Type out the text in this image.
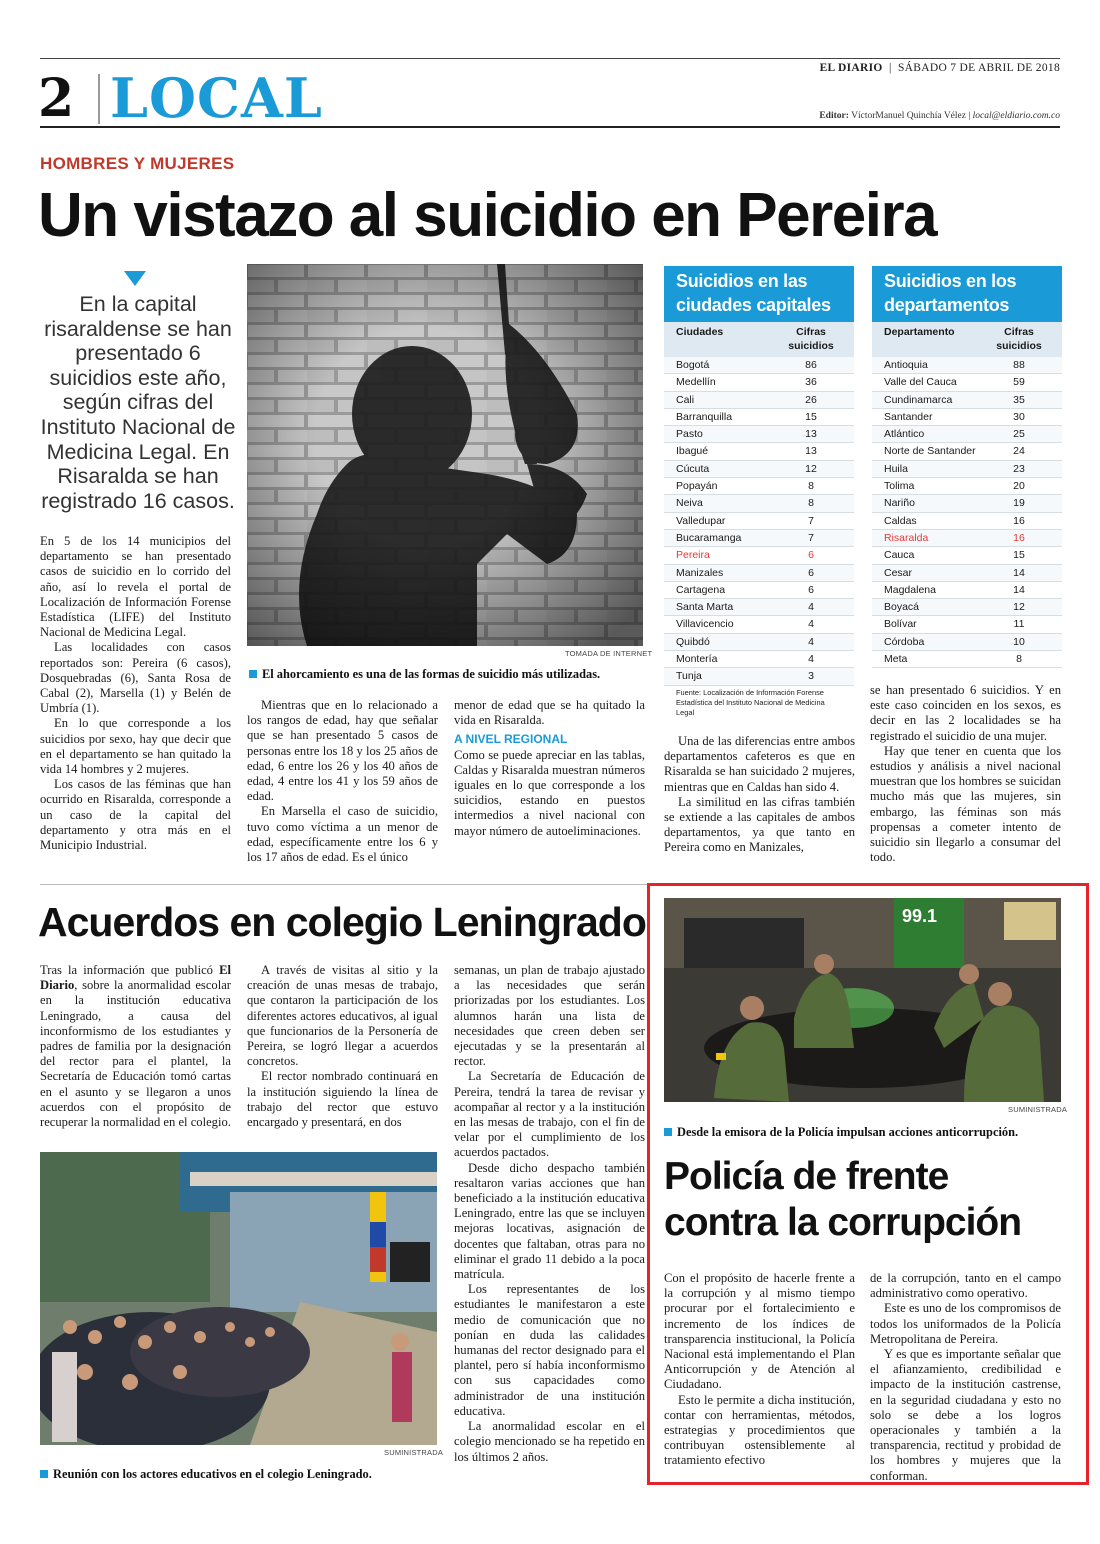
2 LOCAL	EL DIARIO  |  SÁBADO 7 DE ABRIL DE 2018
Editor: VíctorManuel Quinchía Vélez | local@eldiario.com.co
HOMBRES Y MUJERES
Un vistazo al suicidio en Pereira
En la capital risaraldense se han presentado 6 suicidios este año, según cifras del Instituto Nacional de Medicina Legal. En Risaralda se han registrado 16 casos.
TOMADA DE INTERNET
El ahorcamiento es una de las formas de suicidio más utilizadas.

En 5 de los 14 municipios del departamento se han presentado casos de suicidio en lo corrido del año, así lo revela el portal de Localización de Información Forense Estadística (LIFE) del Instituto Nacional de Medicina Legal.

Las localidades con casos reportados son: Pereira (6 casos), Dosquebradas (6), Santa Rosa de Cabal (2), Marsella (1) y Belén de Umbría (1).

En lo que corresponde a los suicidios por sexo, hay que decir que en el departamento se han quitado la vida 14 hombres y 2 mujeres.

Los casos de las féminas que han ocurrido en Risaralda, corresponde a un caso de la capital del departamento y otra más en el Municipio Industrial.

Mientras que en lo relacionado a los rangos de edad, hay que señalar que se han presentado 5 casos de personas entre los 18 y los 25 años de edad, 6 entre los 26 y los 40 años de edad, 4 entre los 41 y los 59 años de edad.

En Marsella el caso de suicidio, tuvo como víctima a un menor de edad, específicamente entre los 6 y los 17 años de edad. Es el único

menor de edad que se ha quitado la vida en Risaralda.

A NIVEL REGIONAL

Como se puede apreciar en las tablas, Caldas y Risaralda muestran números iguales en lo que corresponde a los suicidios, estando en puestos intermedios a nivel nacional con mayor número de autoeliminaciones.

Una de las diferencias entre ambos departamentos cafeteros es que en Risaralda se han suicidado 2 mujeres, mientras que en Caldas han sido 4.

La similitud en las cifras también se extiende a las capitales de ambos departamentos, ya que tanto en Pereira como en Manizales,

se han presentado 6 suicidios. Y en este caso coinciden en los sexos, es decir en las 2 localidades se ha registrado el suicidio de una mujer.

Hay que tener en cuenta que los estudios y análisis a nivel nacional muestran que los hombres se suicidan mucho más que las mujeres, sin embargo, las féminas son más propensas a cometer intento de suicidio sin llegarlo a consumar del todo.

Suicidios en las
ciudades capitales
Ciudades	Cifras
suicidios
Bogotá	86
Medellín	36
Cali	26
Barranquilla	15
Pasto	13
Ibagué	13
Cúcuta	12
Popayán	8
Neiva	8
Valledupar	7
Bucaramanga	7
Pereira	6
Manizales	6
Cartagena	6
Santa Marta	4
Villavicencio	4
Quibdó	4
Montería	4
Tunja	3
Fuente: Localización de Información Forense Estadística del Instituto Nacional de Medicina Legal
Suicidios en los
departamentos
Departamento	Cifras
suicidios
Antioquia	88
Valle del Cauca	59
Cundinamarca	35
Santander	30
Atlántico	25
Norte de Santander	24
Huila	23
Tolima	20
Nariño	19
Caldas	16
Risaralda	16
Cauca	15
Cesar	14
Magdalena	14
Boyacá	12
Bolívar	11
Córdoba	10
Meta	8
Acuerdos en colegio Leningrado

Tras la información que publicó El Diario, sobre la anormalidad escolar en la institución educativa Leningrado, a causa del inconformismo de los estudiantes y padres de familia por la designación del rector para el plantel, la Secretaría de Educación tomó cartas en el asunto y se llegaron a unos acuerdos con el propósito de recuperar la normalidad en el colegio.

A través de visitas al sitio y la creación de unas mesas de trabajo, que contaron la participación de los diferentes actores educativos, al igual que funcionarios de la Personería de Pereira, se logró llegar a acuerdos concretos.

El rector nombrado continuará en la institución siguiendo la línea de trabajo del rector que estuvo encargado y presentará, en dos

semanas, un plan de trabajo ajustado a las necesidades que serán priorizadas por los estudiantes. Los alumnos harán una lista de necesidades que creen deben ser ejecutadas y se la presentarán al rector.

La Secretaría de Educación de Pereira, tendrá la tarea de revisar y acompañar al rector y a la institución en las mesas de trabajo, con el fin de velar por el cumplimiento de los acuerdos pactados.

Desde dicho despacho también resaltaron varias acciones que han beneficiado a la institución educativa Leningrado, entre las que se incluyen mejoras locativas, asignación de docentes que faltaban, otras para no eliminar el grado 11 debido a la poca matrícula.

Los representantes de los estudiantes le manifestaron a este medio de comunicación que no ponían en duda las calidades humanas del rector designado para el plantel, pero sí había inconformismo con sus capacidades como administrador de una institución educativa.

La anormalidad escolar en el colegio mencionado se ha repetido en los últimos 2 años.

SUMINISTRADA
Reunión con los actores educativos en el colegio Leningrado.
99.1
SUMINISTRADA
Desde la emisora de la Policía impulsan acciones anticorrupción.
Policía de frente
contra la corrupción

Con el propósito de hacerle frente a la corrupción y al mismo tiempo procurar por el fortalecimiento e incremento de los índices de transparencia institucional, la Policía Nacional está implementando el Plan Anticorrupción y de Atención al Ciudadano.

Esto le permite a dicha institución, contar con herramientas, métodos, estrategias y procedimientos que contribuyan ostensiblemente al tratamiento efectivo

de la corrupción, tanto en el campo administrativo como operativo.

Este es uno de los compromisos de todos los uniformados de la Policía Metropolitana de Pereira.

Y es que es importante señalar que el afianzamiento, credibilidad e impacto de la institución castrense, en la seguridad ciudadana y esto no solo se debe a los logros operacionales y también a la transparencia, rectitud y probidad de los hombres y mujeres que la conforman.
